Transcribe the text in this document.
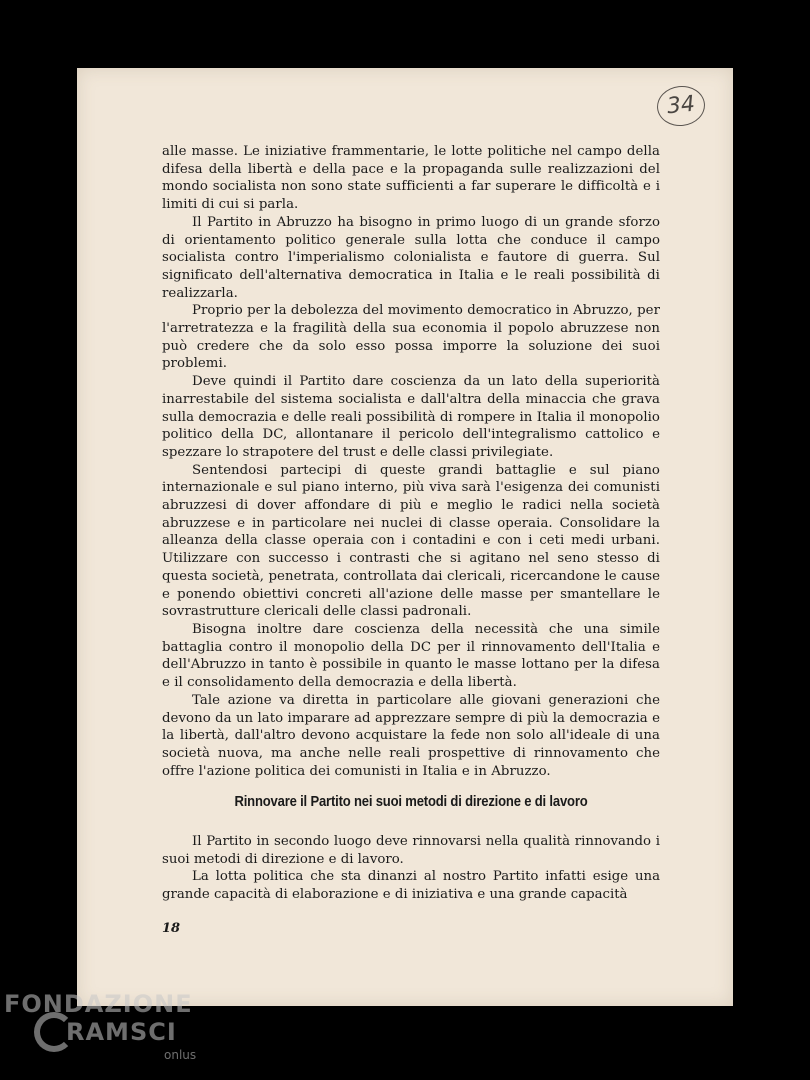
34

alle masse. Le iniziative frammentarie, le lotte politiche nel campo della difesa della libertà e della pace e la propaganda sulle realizzazioni del mondo socialista non sono state sufficienti a far superare le difficoltà e i limiti di cui si parla.

Il Partito in Abruzzo ha bisogno in primo luogo di un grande sforzo di orientamento politico generale sulla lotta che conduce il campo socialista contro l'imperialismo colonialista e fautore di guerra. Sul significato dell'alternativa democratica in Italia e le reali possibilità di realizzarla.

Proprio per la debolezza del movimento democratico in Abruzzo, per l'arretratezza e la fragilità della sua economia il popolo abruzzese non può credere che da solo esso possa imporre la soluzione dei suoi problemi.

Deve quindi il Partito dare coscienza da un lato della superiorità inarrestabile del sistema socialista e dall'altra della minaccia che grava sulla democrazia e delle reali possibilità di rompere in Italia il monopolio politico della DC, allontanare il pericolo dell'integralismo cattolico e spezzare lo strapotere del trust e delle classi privilegiate.

Sentendosi partecipi di queste grandi battaglie e sul piano internazionale e sul piano interno, più viva sarà l'esigenza dei comunisti abruzzesi di dover affondare di più e meglio le radici nella società abruzzese e in particolare nei nuclei di classe operaia. Consolidare la alleanza della classe operaia con i contadini e con i ceti medi urbani. Utilizzare con successo i contrasti che si agitano nel seno stesso di questa società, penetrata, controllata dai clericali, ricercandone le cause e ponendo obiettivi concreti all'azione delle masse per smantellare le sovrastrutture clericali delle classi padronali.

Bisogna inoltre dare coscienza della necessità che una simile battaglia contro il monopolio della DC per il rinnovamento dell'Italia e dell'Abruzzo in tanto è possibile in quanto le masse lottano per la difesa e il consolidamento della democrazia e della libertà.

Tale azione va diretta in particolare alle giovani generazioni che devono da un lato imparare ad apprezzare sempre di più la democrazia e la libertà, dall'altro devono acquistare la fede non solo all'ideale di una società nuova, ma anche nelle reali prospettive di rinnovamento che offre l'azione politica dei comunisti in Italia e in Abruzzo.

Rinnovare il Partito nei suoi metodi di direzione e di lavoro

Il Partito in secondo luogo deve rinnovarsi nella qualità rinnovando i suoi metodi di direzione e di lavoro.

La lotta politica che sta dinanzi al nostro Partito infatti esige una grande capacità di elaborazione e di iniziativa e una grande capacità

18
FONDAZIONE
RAMSCI
onlus
